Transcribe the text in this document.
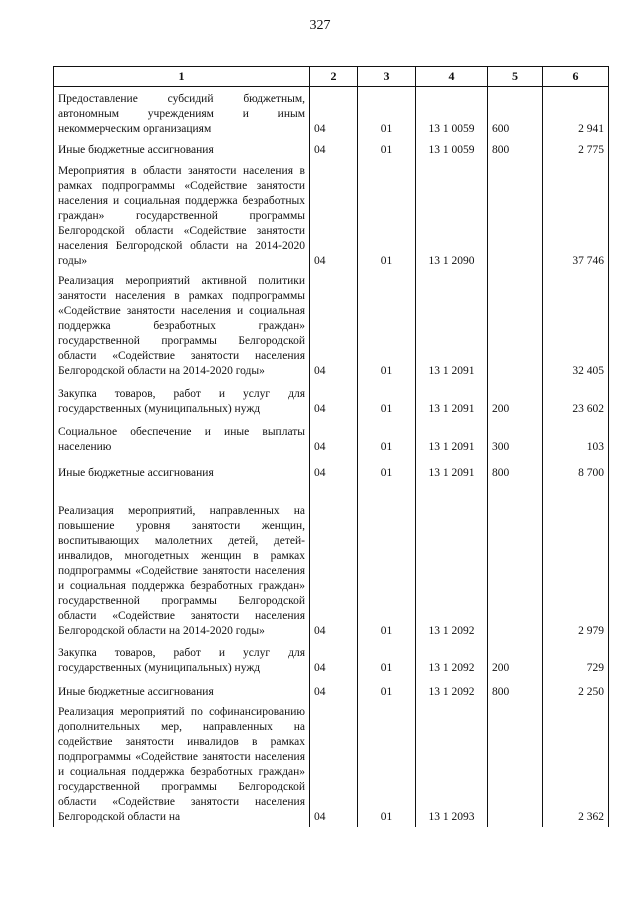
327
1	2	3	4	5	6
Предоставление субсидий бюджетным, автономным учреждениям и иным некоммерческим организациям	04	01	13 1 0059	600	2 941
Иные бюджетные ассигнования	04	01	13 1 0059	800	2 775
Мероприятия в области занятости населения в рамках подпрограммы «Содействие занятости населения и социальная поддержка безработных граждан» государственной программы Белгородской области «Содействие занятости населения Белгородской области на 2014-2020 годы»	04	01	13 1 2090		37 746
Реализация мероприятий активной политики занятости населения в рамках подпрограммы «Содействие занятости населения и социальная поддержка безработных граждан» государственной программы Белгородской области «Содействие занятости населения Белгородской области на 2014-2020 годы»	04	01	13 1 2091		32 405
Закупка товаров, работ и услуг для государственных (муниципальных) нужд	04	01	13 1 2091	200	23 602
Социальное обеспечение и иные выплаты населению	04	01	13 1 2091	300	103
Иные бюджетные ассигнования	04	01	13 1 2091	800	8 700
Реализация мероприятий, направленных на повышение уровня занятости женщин, воспитывающих малолетних детей, детей-инвалидов, многодетных женщин в рамках подпрограммы «Содействие занятости населения и социальная поддержка безработных граждан» государственной программы Белгородской области «Содействие занятости населения Белгородской области на 2014-2020 годы»	04	01	13 1 2092		2 979
Закупка товаров, работ и услуг для государственных (муниципальных) нужд	04	01	13 1 2092	200	729
Иные бюджетные ассигнования	04	01	13 1 2092	800	2 250
Реализация мероприятий по софинансированию дополнительных мер, направленных на содействие занятости инвалидов в рамках подпрограммы «Содействие занятости населения и социальная поддержка безработных граждан» государственной программы Белгородской области «Содействие занятости населения Белгородской области на	04	01	13 1 2093		2 362
